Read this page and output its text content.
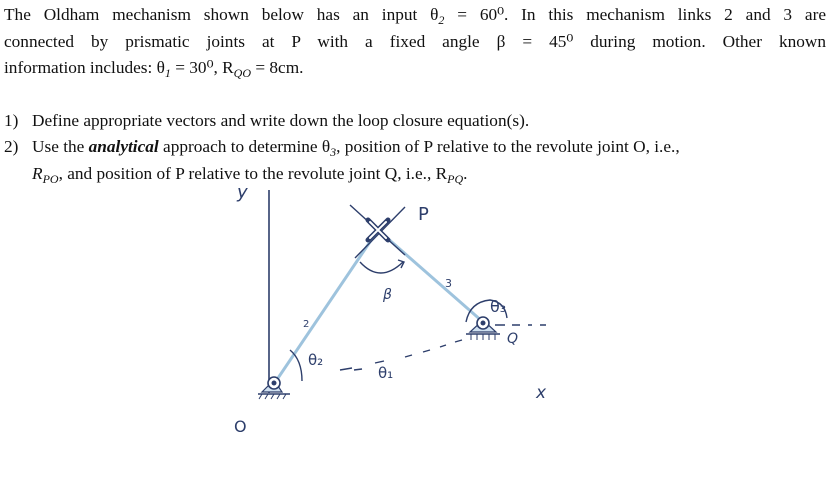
The Oldham mechanism shown below has an input $\theta_2 = 60^0$. In this mechanism links 2 and 3 are
connected by prismatic joints at P with a fixed angle β = 45⁰ during motion. Other known
information includes: $\theta_1 = 30^0$, $R_{QO} = 8cm$.
1) Define appropriate vectors and write down the loop closure equation(s).
2) Use the analytical approach to determine $\theta_3$, position of P relative to the revolute joint O, i.e.,
$R_{PO}$, and position of P relative to the revolute joint Q, i.e., $R_{PQ}$.
y
x
O
P
2
3
θ₂
θ₁
θ₃
β
Q
